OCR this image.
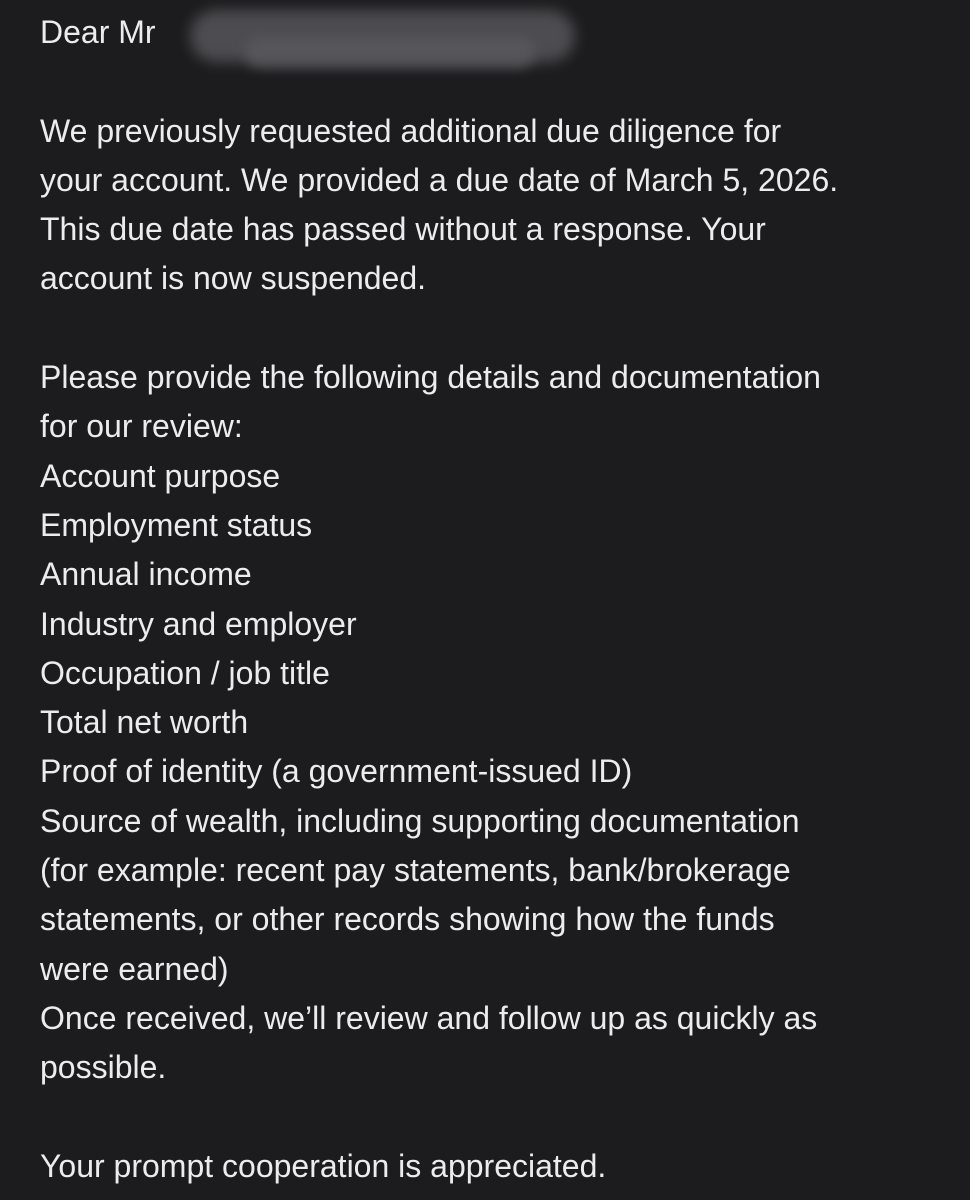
Dear Mr
We previously requested additional due diligence for
your account. We provided a due date of March 5, 2026.
This due date has passed without a response. Your
account is now suspended.
Please provide the following details and documentation
for our review:
Account purpose
Employment status
Annual income
Industry and employer
Occupation / job title
Total net worth
Proof of identity (a government-issued ID)
Source of wealth, including supporting documentation
(for example: recent pay statements, bank/brokerage
statements, or other records showing how the funds
were earned)
Once received, we’ll review and follow up as quickly as
possible.
Your prompt cooperation is appreciated.
